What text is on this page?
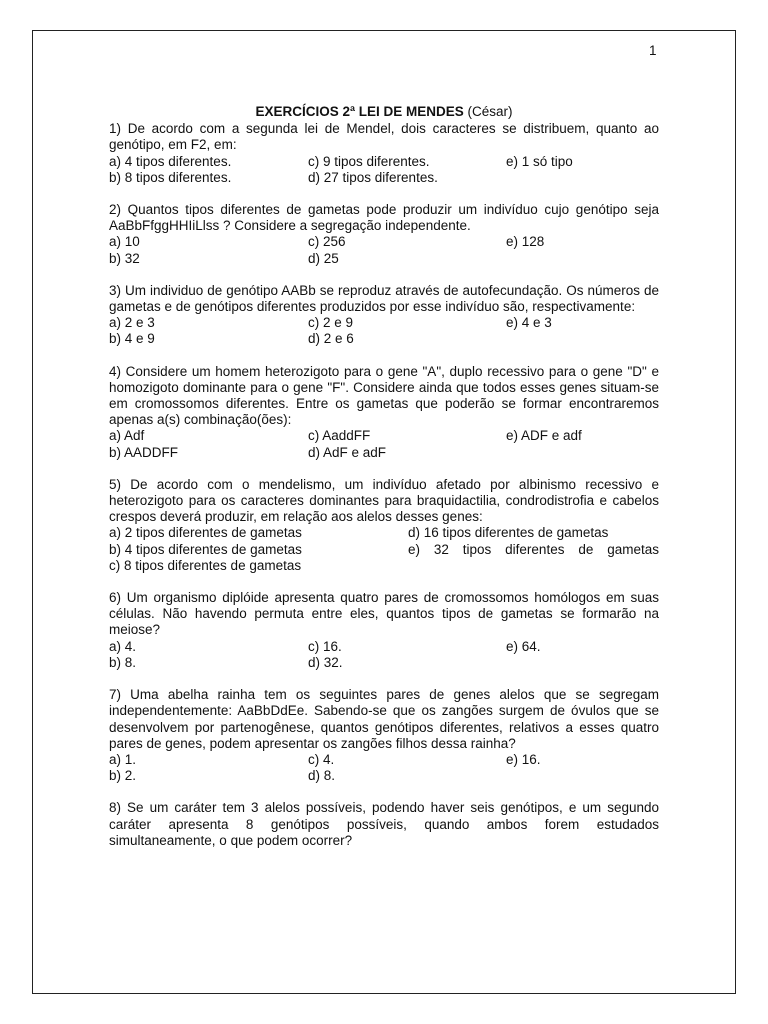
1
EXERCÍCIOS 2ª LEI DE MENDES (César)
1) De acordo com a segunda lei de Mendel, dois caracteres se distribuem, quanto ao genótipo, em F2, em:
a) 4 tipos diferentes.	c) 9 tipos diferentes.	e) 1 só tipo
b) 8 tipos diferentes.	d) 27 tipos diferentes.
2) Quantos tipos diferentes de gametas pode produzir um indivíduo cujo genótipo seja AaBbFfggHHIiLlss ? Considere a segregação independente.
a) 10	c) 256	e) 128
b) 32	d) 25
3) Um individuo de genótipo AABb se reproduz através de autofecundação. Os números de gametas e de genótipos diferentes produzidos por esse indivíduo são, respectivamente:
a) 2 e 3	c) 2 e 9	e) 4 e 3
b) 4 e 9	d) 2 e 6
4) Considere um homem heterozigoto para o gene "A", duplo recessivo para o gene "D" e homozigoto dominante para o gene "F". Considere ainda que todos esses genes situam-se em cromossomos diferentes. Entre os gametas que poderão se formar encontraremos apenas a(s) combinação(ões):
a) Adf	c) AaddFF	e) ADF e adf
b) AADDFF	d) AdF e adF
5) De acordo com o mendelismo, um indivíduo afetado por albinismo recessivo e heterozigoto para os caracteres dominantes para braquidactilia, condrodistrofia e cabelos crespos deverá produzir, em relação aos alelos desses genes:
a) 2 tipos diferentes de gametas	d) 16 tipos diferentes de gametas
b) 4 tipos diferentes de gametas	e) 32 tipos diferentes de gametas
c) 8 tipos diferentes de gametas
6) Um organismo diplóide apresenta quatro pares de cromossomos homólogos em suas células. Não havendo permuta entre eles, quantos tipos de gametas se formarão na meiose?
a) 4.	c) 16.	e) 64.
b) 8.	d) 32.
7) Uma abelha rainha tem os seguintes pares de genes alelos que se segregam independentemente: AaBbDdEe. Sabendo-se que os zangões surgem de óvulos que se desenvolvem por partenogênese, quantos genótipos diferentes, relativos a esses quatro pares de genes, podem apresentar os zangões filhos dessa rainha?
a) 1.	c) 4.	e) 16.
b) 2.	d) 8.
8) Se um caráter tem 3 alelos possíveis, podendo haver seis genótipos, e um segundo caráter apresenta 8 genótipos possíveis, quando ambos forem estudados simultaneamente, o que podem ocorrer?
